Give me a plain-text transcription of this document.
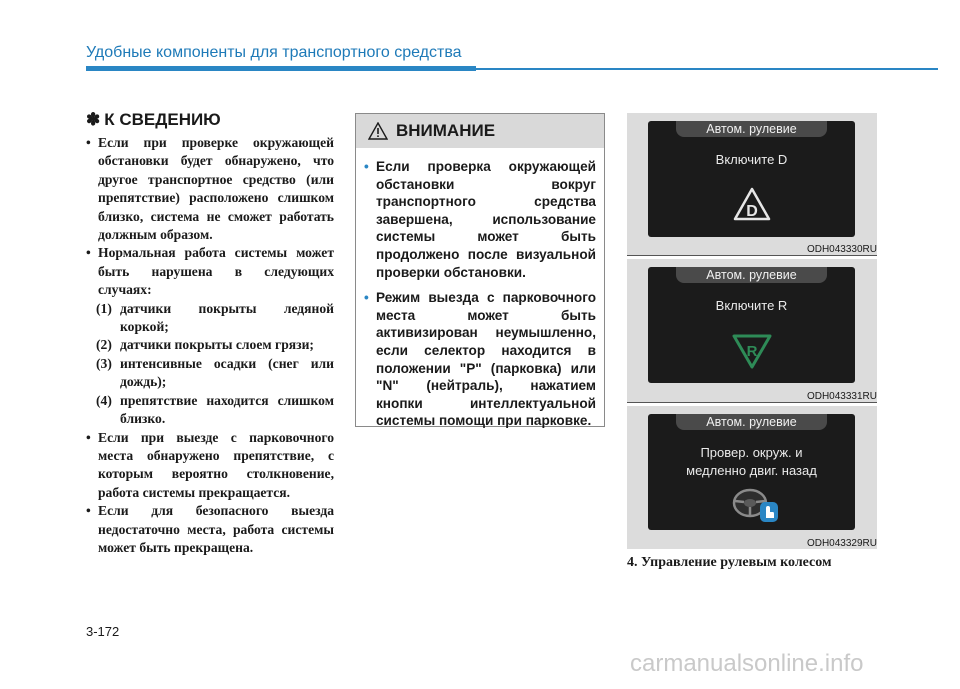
Удобные компоненты для транспортного средства
✽ К СВЕДЕНИЮ
• Если при проверке окружающей обстановки будет обнаружено, что другое транспортное средство (или препятствие) расположено слишком близко, система не сможет работать должным образом.
• Нормальная работа системы может быть нарушена в следующих случаях:
(1) датчики покрыты ледяной коркой;
(2) датчики покрыты слоем грязи;
(3) интенсивные осадки (снег или дождь);
(4) препятствие находится слишком близко.
• Если при выезде с парковочного места обнаружено препятствие, с которым вероятно столкновение, работа системы прекращается.
• Если для безопасного выезда недостаточно места, работа системы может быть прекращена.
ВНИМАНИЕ
• Если проверка окружающей обстановки вокруг транспортного средства завершена, использование системы может быть продолжено после визуальной проверки обстановки.
• Режим выезда с парковочного места может быть активизирован неумышленно, если селектор находится в положении "P" (парковка) или "N" (нейтраль), нажатием кнопки интеллектуальной системы помощи при парковке.
Автом. рулевие
Включите D
D
ODH043330RU
Автом. рулевие
Включите R
R
ODH043331RU
Автом. рулевие
Провер. окруж. и
медленно двиг. назад
ODH043329RU
4. Управление рулевым колесом
3-172
carmanualsonline.info
